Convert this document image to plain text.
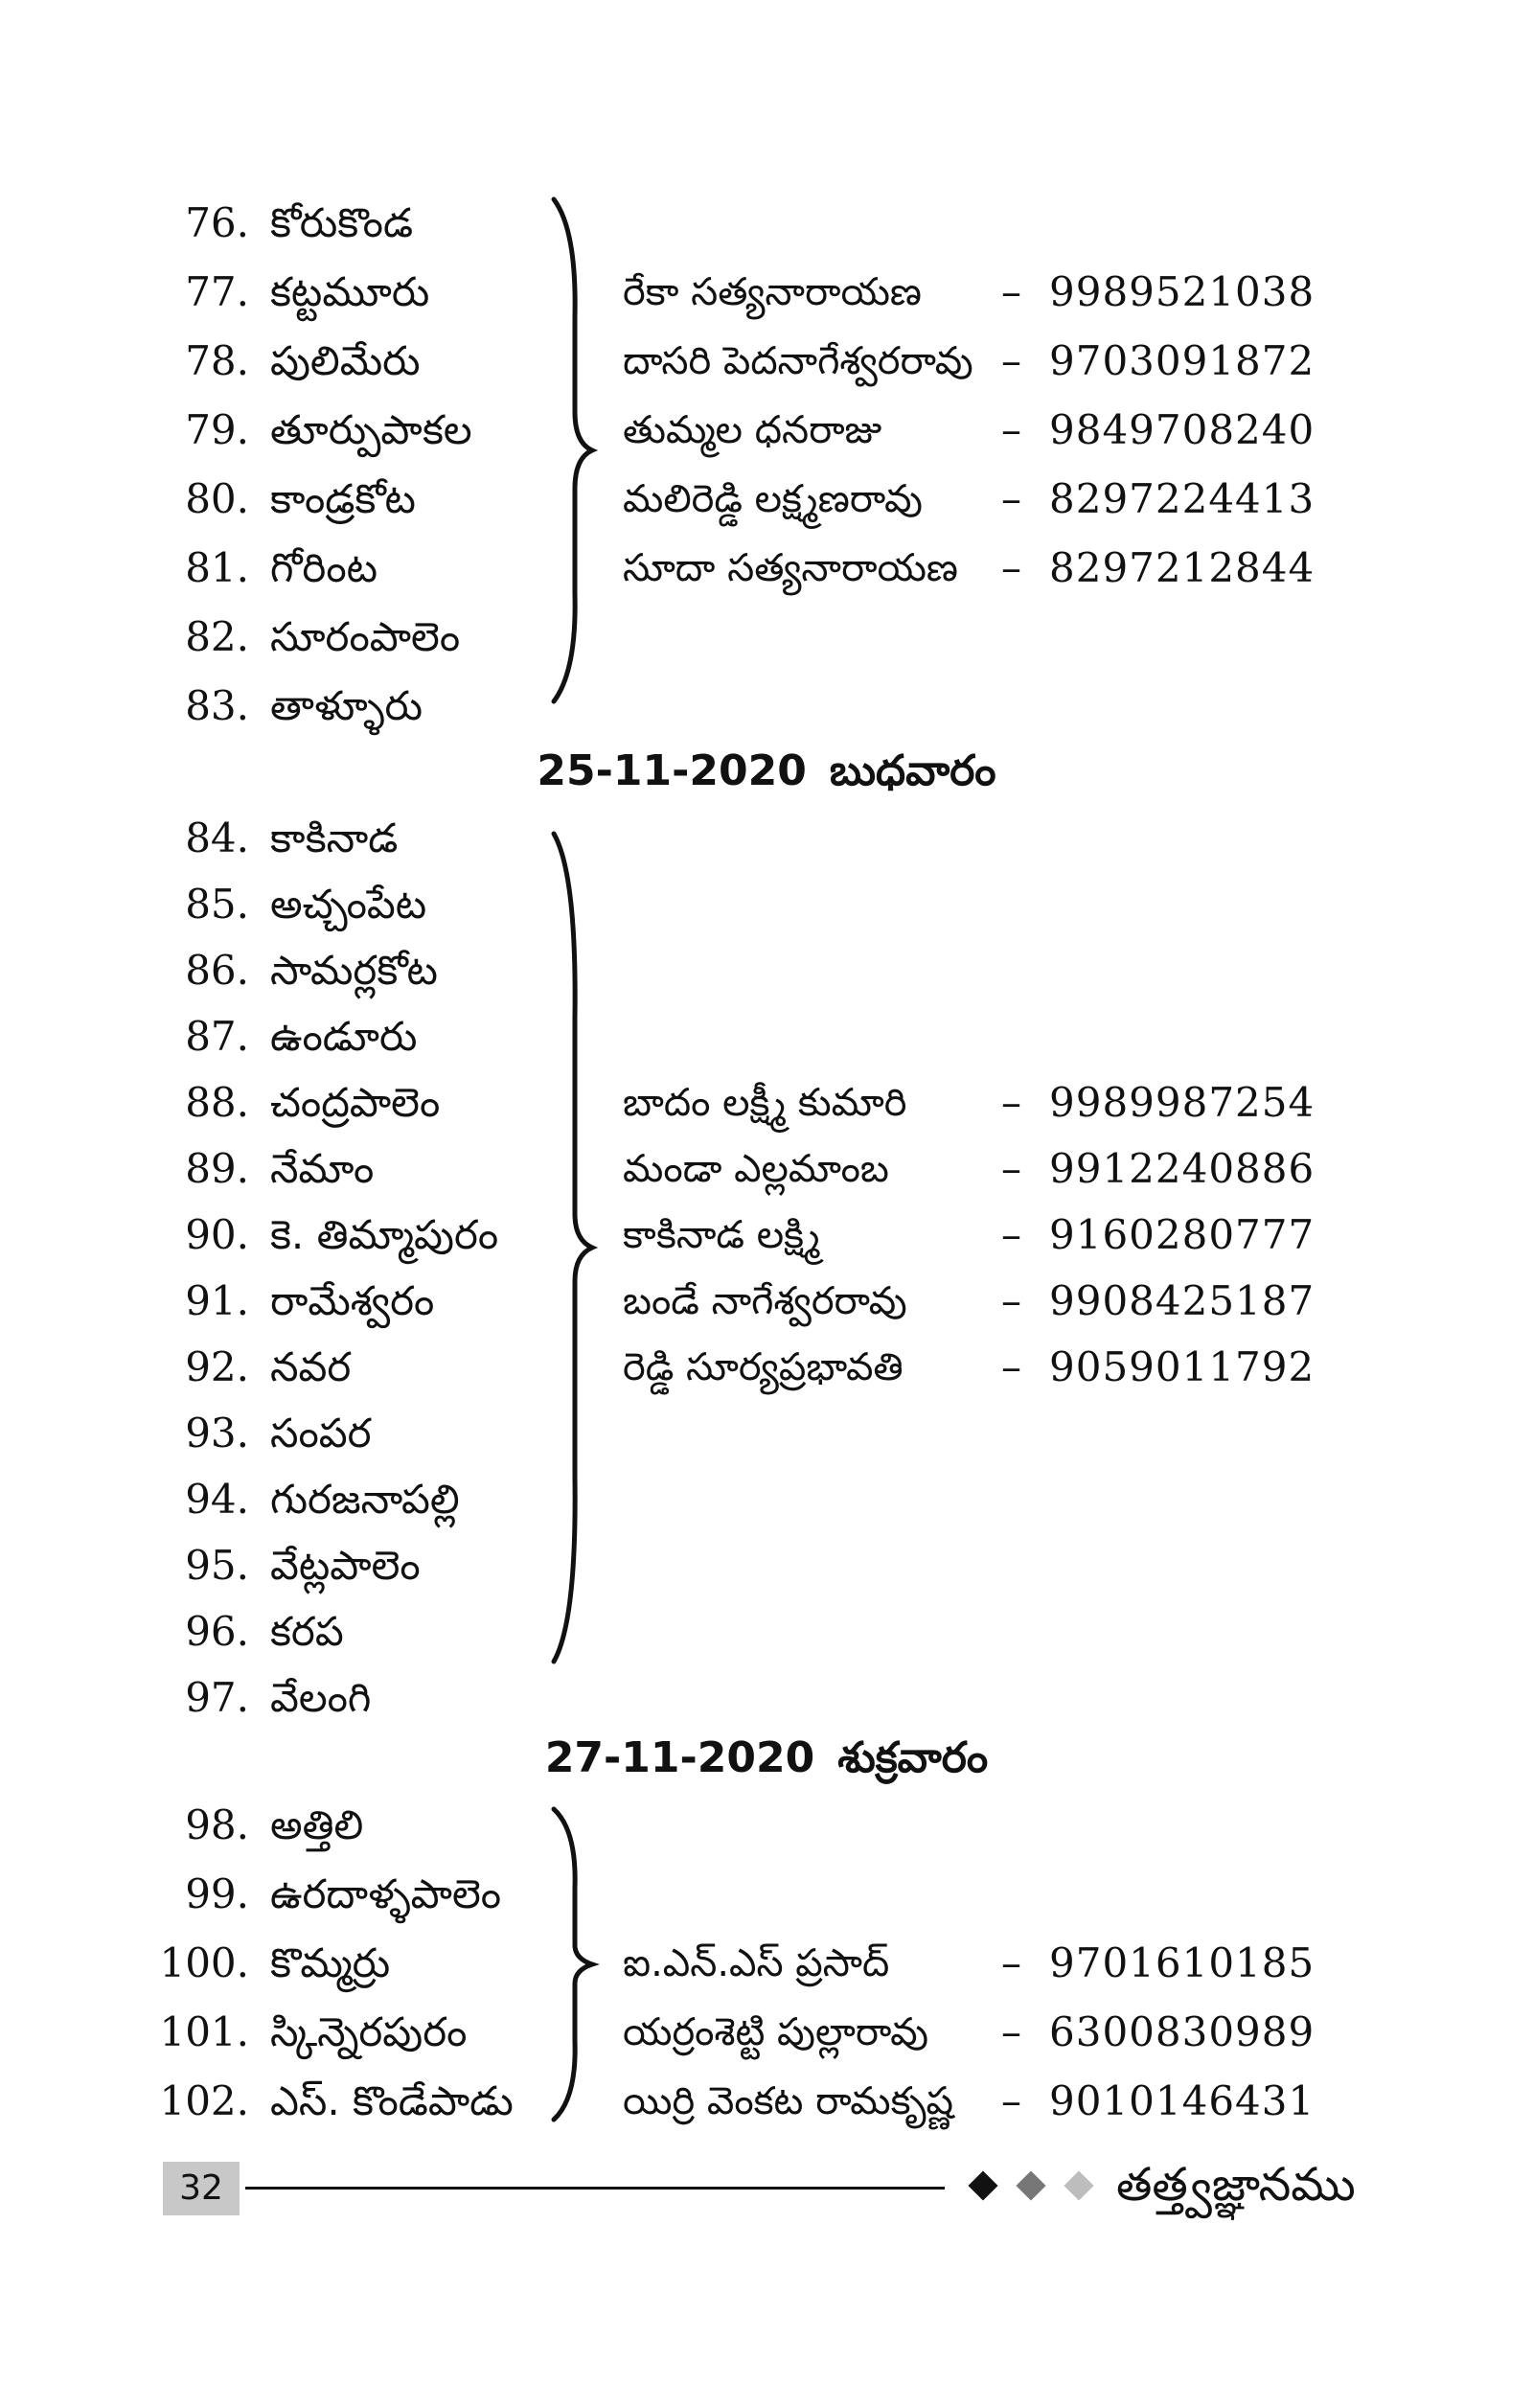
76. కోరుకొండ
77. కట్టమూరు	రేకా సత్యనారాయణ – 9989521038
78. పులిమేరు	దాసరి పెదనాగేశ్వరరావు – 9703091872
79. తూర్పుపాకల	తుమ్మల ధనరాజు	– 9849708240
80. కాండ్రకోట	మలిరెడ్డి లక్ష్మణరావు – 8297224413
81. గోరింట	సూదా సత్యనారాయణ – 8297212844
82. సూరంపాలెం
83. తాళ్ళూరు
25-11-2020 బుధవారం
84. కాకినాడ
85. అచ్చంపేట
86. సామర్లకోట
87. ఉండూరు
88. చంద్రపాలెం	బాదం లక్ష్మీ కుమారి – 9989987254
89. నేమాం	మండా ఎల్లమాంబ	– 9912240886
90. కె. తిమ్మాపురం	కాకినాడ లక్ష్మి	– 9160280777
91. రామేశ్వరం	బండే నాగేశ్వరరావు – 9908425187
92. నవర	రెడ్డి సూర్యప్రభావతి – 9059011792
93. సంపర
94. గురజనాపల్లి
95. వేట్లపాలెం
96. కరప
97. వేలంగి
27-11-2020 శుక్రవారం
98. అత్తిలి
99. ఉరదాళ్ళపాలెం
100. కొమ్మర్రు	ఐ.ఎన్.ఎస్ ప్రసాద్	– 9701610185
101. స్కిన్నెరపురం	యర్రంశెట్టి పుల్లారావు – 6300830989
102. ఎస్. కొండేపాడు	యిర్రి వెంకట రామకృష్ణ – 9010146431
32	తత్త్వజ్ఞానము
